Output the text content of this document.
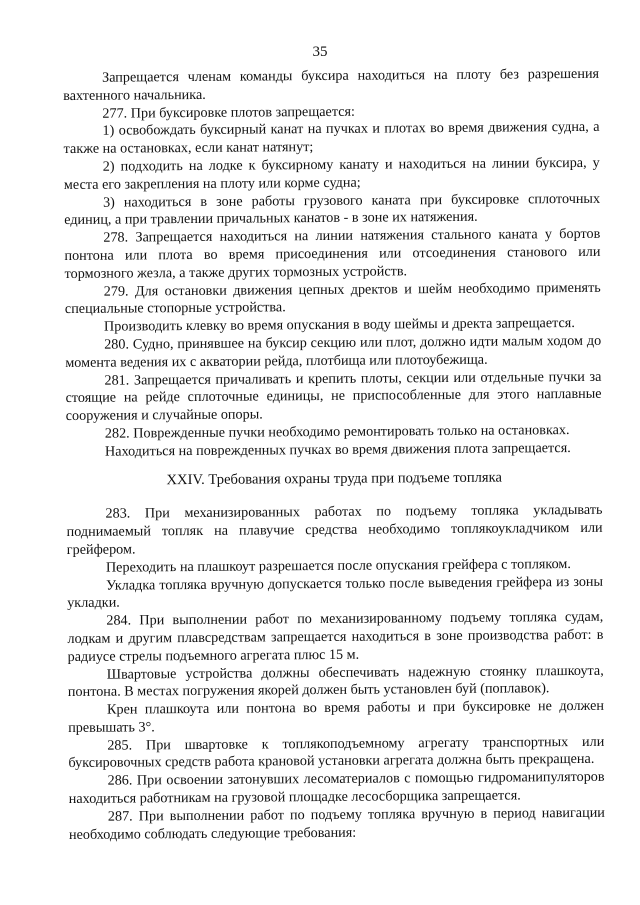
35

Запрещается членам команды буксира находиться на плоту без разрешения вахтенного начальника.

277. При буксировке плотов запрещается:

1) освобождать буксирный канат на пучках и плотах во время движения судна, а также на остановках, если канат натянут;

2) подходить на лодке к буксирному канату и находиться на линии буксира, у места его закрепления на плоту или корме судна;

3) находиться в зоне работы грузового каната при буксировке сплоточных единиц, а при травлении причальных канатов - в зоне их натяжения.

278. Запрещается находиться на линии натяжения стального каната у бортов понтона или плота во время присоединения или отсоединения станового или тормозного жезла, а также других тормозных устройств.

279. Для остановки движения цепных дректов и шейм необходимо применять специальные стопорные устройства.

Производить клевку во время опускания в воду шеймы и дректа запрещается.

280. Судно, принявшее на буксир секцию или плот, должно идти малым ходом до момента ведения их с акватории рейда, плотбища или плотоубежища.

281. Запрещается причаливать и крепить плоты, секции или отдельные пучки за стоящие на рейде сплоточные единицы, не приспособленные для этого наплавные сооружения и случайные опоры.

282. Поврежденные пучки необходимо ремонтировать только на остановках.

Находиться на поврежденных пучках во время движения плота запрещается.

XXIV. Требования охраны труда при подъеме топляка

283. При механизированных работах по подъему топляка укладывать поднимаемый топляк на плавучие средства необходимо топлякоукладчиком или грейфером.

Переходить на плашкоут разрешается после опускания грейфера с топляком.

Укладка топляка вручную допускается только после выведения грейфера из зоны укладки.

284. При выполнении работ по механизированному подъему топляка судам, лодкам и другим плавсредствам запрещается находиться в зоне производства работ: в радиусе стрелы подъемного агрегата плюс 15 м.

Швартовые устройства должны обеспечивать надежную стоянку плашкоута, понтона. В местах погружения якорей должен быть установлен буй (поплавок).

Крен плашкоута или понтона во время работы и при буксировке не должен превышать 3°.

285. При швартовке к топлякоподъемному агрегату транспортных или буксировочных средств работа крановой установки агрегата должна быть прекращена.

286. При освоении затонувших лесоматериалов с помощью гидроманипуляторов находиться работникам на грузовой площадке лесосборщика запрещается.

287. При выполнении работ по подъему топляка вручную в период навигации необходимо соблюдать следующие требования:
